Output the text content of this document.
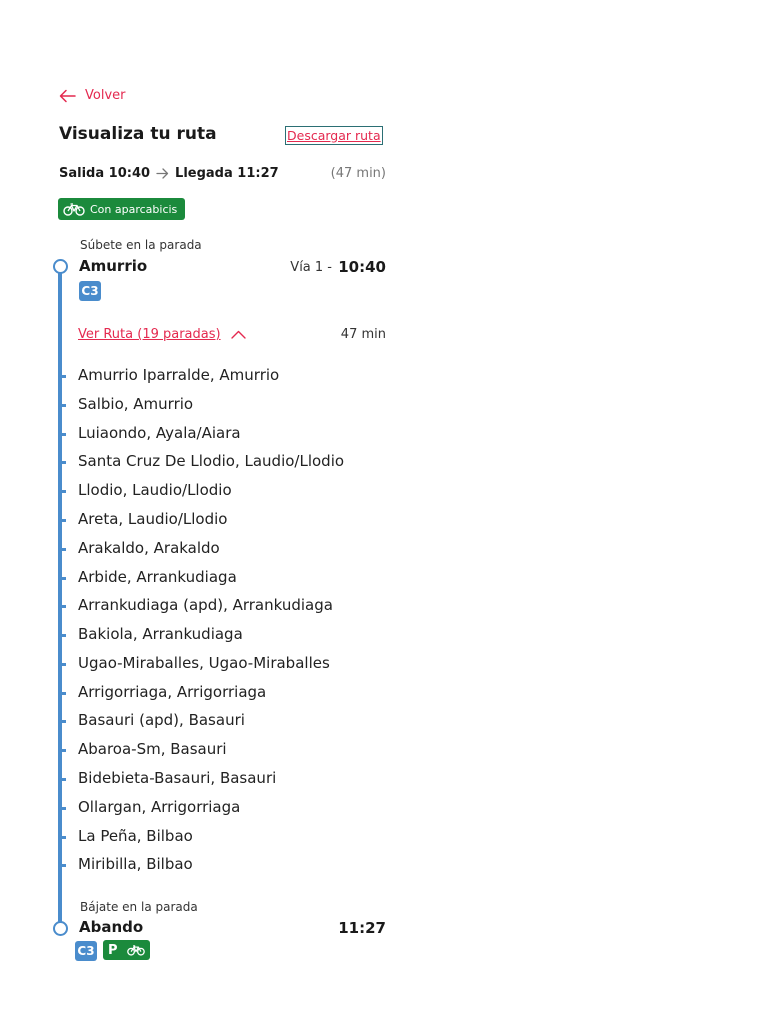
Volver
Visualiza tu ruta	Descargar ruta
Salida 10:40 Llegada 11:27	(47 min)
Con aparcabicis
Súbete en la parada
Amurrio	Vía 1 - 10:40
C3
Ver Ruta (19 paradas)	47 min
Amurrio Iparralde, Amurrio
Salbio, Amurrio
Luiaondo, Ayala/Aiara
Santa Cruz De Llodio, Laudio/Llodio
Llodio, Laudio/Llodio
Areta, Laudio/Llodio
Arakaldo, Arakaldo
Arbide, Arrankudiaga
Arrankudiaga (apd), Arrankudiaga
Bakiola, Arrankudiaga
Ugao-Miraballes, Ugao-Miraballes
Arrigorriaga, Arrigorriaga
Basauri (apd), Basauri
Abaroa-Sm, Basauri
Bidebieta-Basauri, Basauri
Ollargan, Arrigorriaga
La Peña, Bilbao
Miribilla, Bilbao
Bájate en la parada
Abando	11:27
C3 P
